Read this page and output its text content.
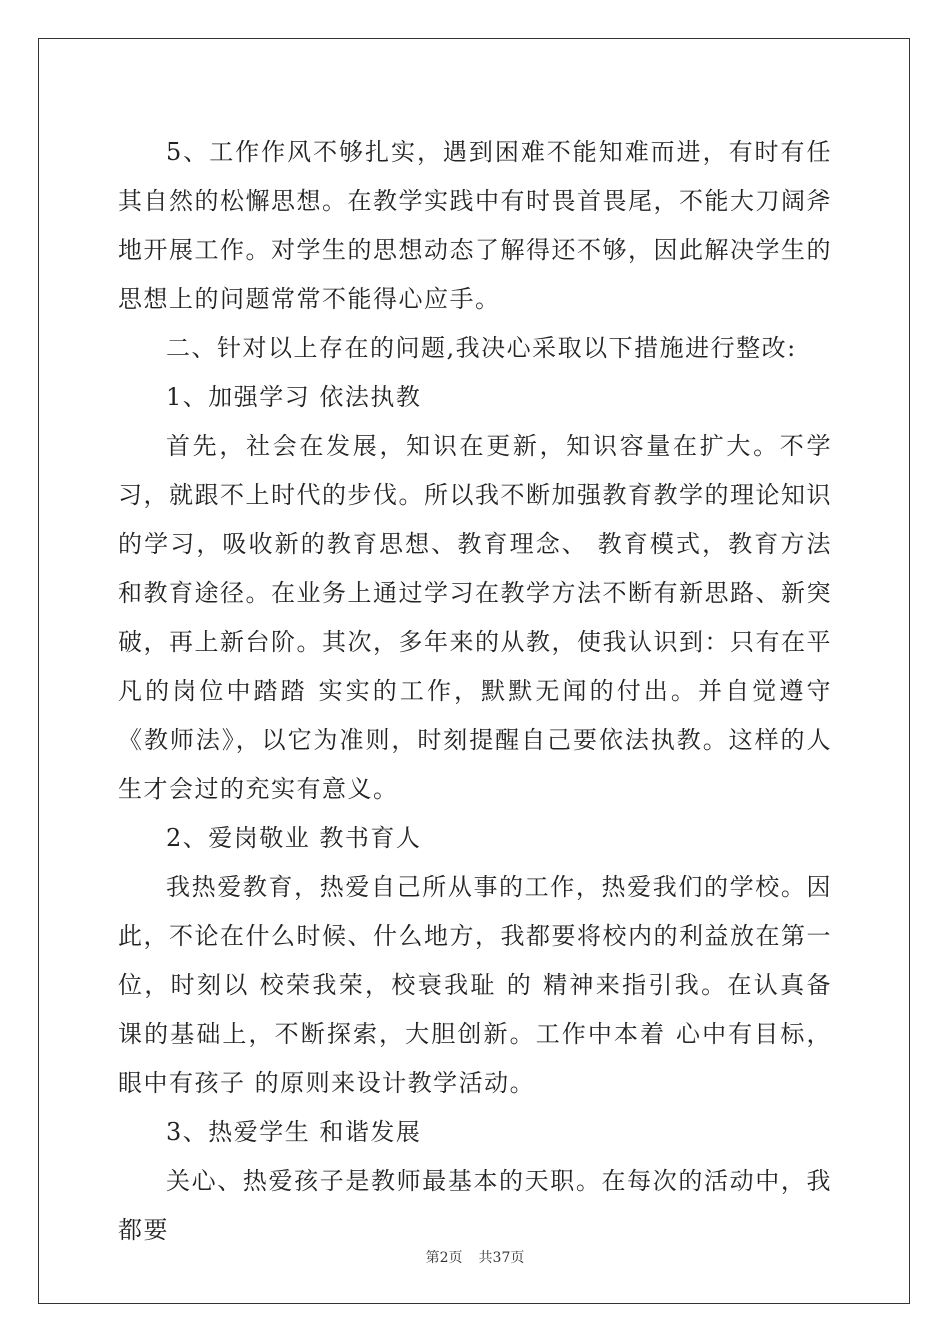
5、工作作风不够扎实，遇到困难不能知难而进，有时有任其自然的松懈思想。在教学实践中有时畏首畏尾，不能大刀阔斧地开展工作。对学生的思想动态了解得还不够，因此解决学生的思想上的问题常常不能得心应手。

二、针对以上存在的问题,我决心采取以下措施进行整改:

1、加强学习 依法执教

首先，社会在发展，知识在更新，知识容量在扩大。不学习，就跟不上时代的步伐。所以我不断加强教育教学的理论知识的学习，吸收新的教育思想、教育理念、 教育模式，教育方法和教育途径。在业务上通过学习在教学方法不断有新思路、新突破，再上新台阶。其次，多年来的从教，使我认识到：只有在平凡的岗位中踏踏 实实的工作，默默无闻的付出。并自觉遵守《教师法》，以它为准则，时刻提醒自己要依法执教。这样的人生才会过的充实有意义。

2、爱岗敬业 教书育人

我热爱教育，热爱自己所从事的工作，热爱我们的学校。因此，不论在什么时候、什么地方，我都要将校内的利益放在第一位，时刻以 校荣我荣，校衰我耻 的 精神来指引我。在认真备课的基础上，不断探索，大胆创新。工作中本着 心中有目标，眼中有孩子 的原则来设计教学活动。

3、热爱学生 和谐发展

关心、热爱孩子是教师最基本的天职。在每次的活动中，我都要

第2页 共37页
